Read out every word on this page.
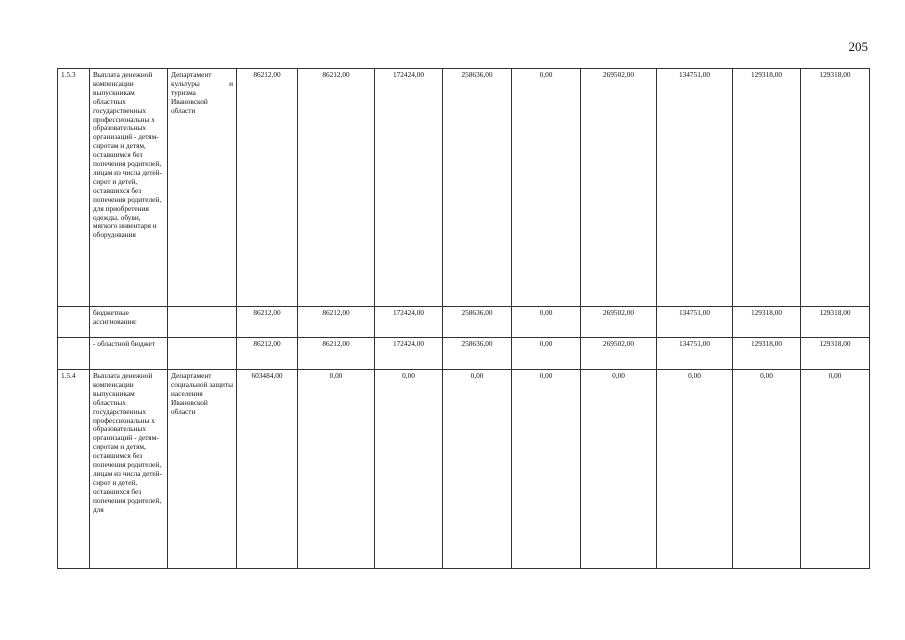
205
1.5.3	Выплата денежной компенсации выпускникам областных государственных профессиональны х образовательных организаций - детям-сиротам и детям, оставшимся без попечения родителей, лицам из числа детей-сирот и детей, оставшихся без попечения родителей, для приобретения одежды, обуви, мягкого инвентаря и оборудования	Департамент культуры и
туризма Ивановской области	86212,00	86212,00	172424,00	258636,00	0,00	269502,00	134751,00	129318,00	129318,00
	бюджетные ассигнования:		86212,00	86212,00	172424,00	258636,00	0,00	269502,00	134751,00	129318,00	129318,00
	- областной бюджет		86212,00	86212,00	172424,00	258636,00	0,00	269502,00	134751,00	129318,00	129318,00
1.5.4	Выплата денежной компенсации выпускникам областных государственных профессиональны х образовательных организаций - детям-сиротам и детям, оставшимся без попечения родителей, лицам из числа детей-сирот и детей, оставшихся без попечения родителей, для	Департамент
социальной защиты населения Ивановской области	603484,00	0,00	0,00	0,00	0,00	0,00	0,00	0,00	0,00
